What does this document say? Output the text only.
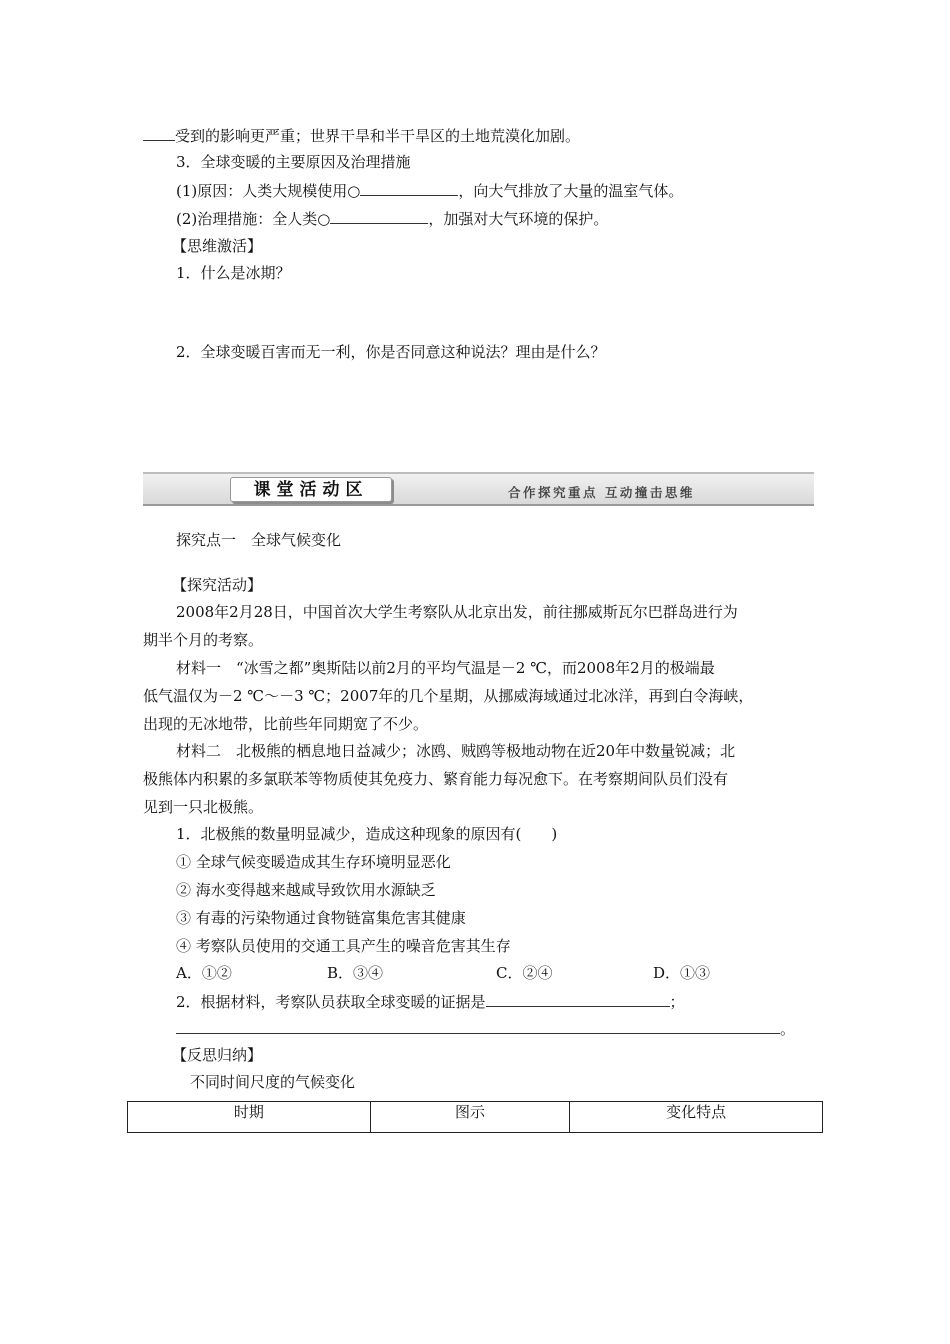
受到的影响更严重；世界干旱和半干旱区的土地荒漠化加剧。
3．全球变暖的主要原因及治理措施
(1)原因：人类大规模使用○	，向大气排放了大量的温室气体。
(2)治理措施：全人类○	，加强对大气环境的保护。
【思维激活】
1．什么是冰期？
2．全球变暖百害而无一利，你是否同意这种说法？理由是什么？
课堂活动区	合作探究重点 互动撞击思维
探究点一　全球气候变化
【探究活动】
2008年2月28日，中国首次大学生考察队从北京出发，前往挪威斯瓦尔巴群岛进行为
期半个月的考察。
材料一　“冰雪之都”奥斯陆以前2月的平均气温是－2 ℃，而2008年2月的极端最
低气温仅为－2 ℃～－3 ℃；2007年的几个星期，从挪威海域通过北冰洋，再到白令海峡，
出现的无冰地带，比前些年同期宽了不少。
材料二　北极熊的栖息地日益减少；冰鸥、贼鸥等极地动物在近20年中数量锐减；北
极熊体内积累的多氯联苯等物质使其免疫力、繁育能力每况愈下。在考察期间队员们没有
见到一只北极熊。
1．北极熊的数量明显减少，造成这种现象的原因有(　　)
① 全球气候变暖造成其生存环境明显恶化
② 海水变得越来越咸导致饮用水源缺乏
③ 有毒的污染物通过食物链富集危害其健康
④ 考察队员使用的交通工具产生的噪音危害其生存
A．①②	B．③④	C．②④	D．①③
2．根据材料，考察队员获取全球变暖的证据是	；
。
【反思归纳】
不同时间尺度的气候变化
时期	图示	变化特点
